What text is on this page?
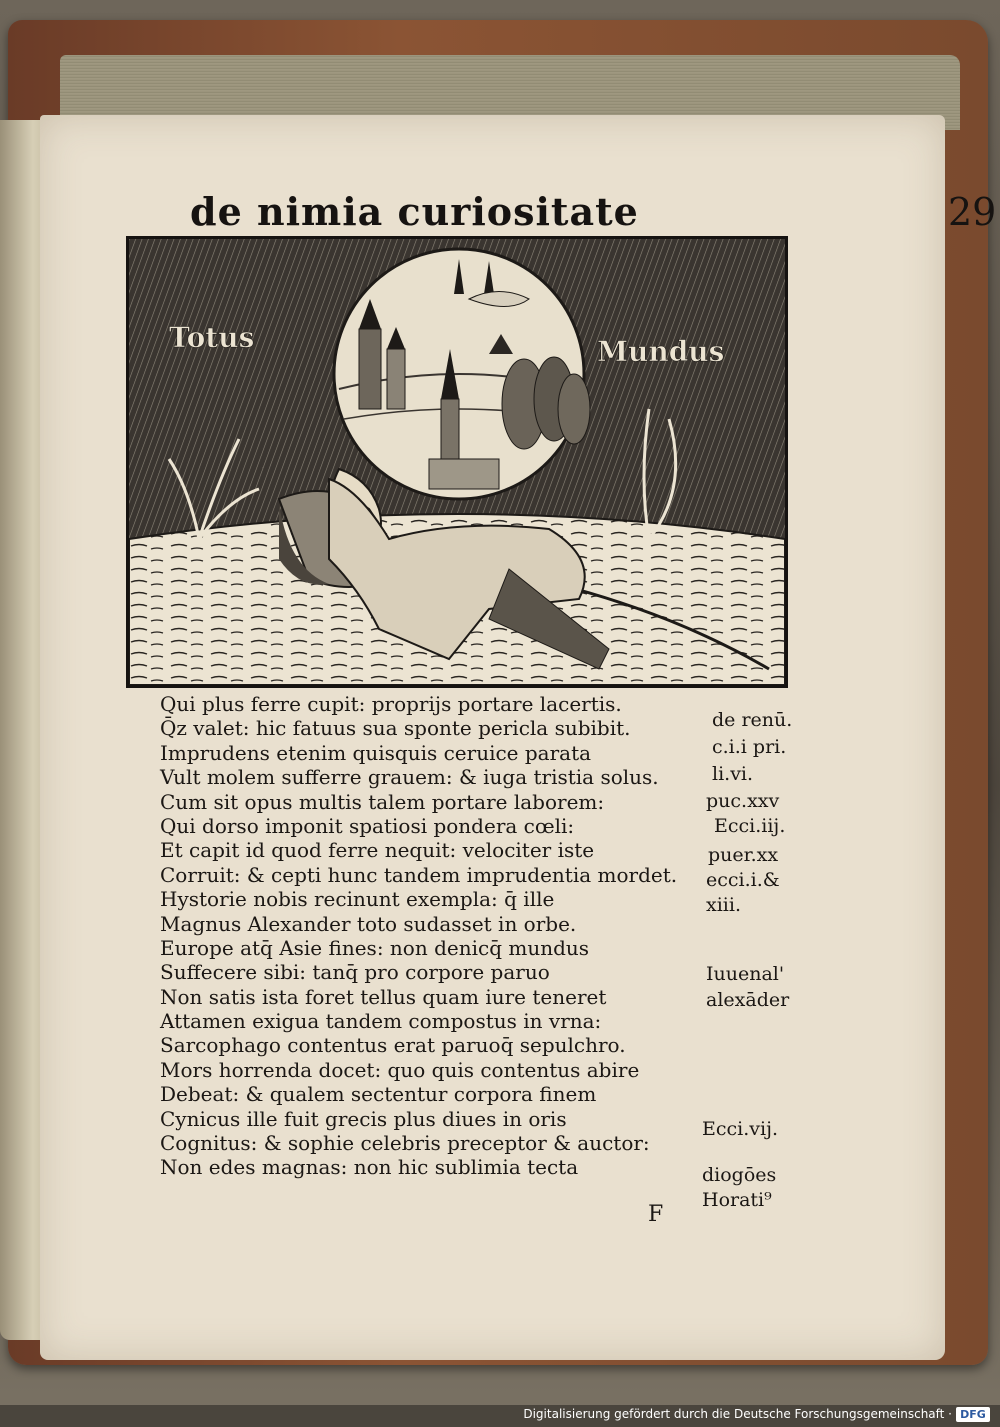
de nimia curiositate	29
Totus	Mundus
Qui plus ferre cupit: proprijs portare lacertis.
Q̄z valet: hic fatuus sua sponte pericla subibit.
Imprudens etenim quisquis ceruice parata
Vult molem sufferre grauem: & iuga tristia solus.
Cum sit opus multis talem portare laborem:
Qui dorso imponit spatiosi pondera cœli:
Et capit id quod ferre nequit: velociter iste
Corruit: & cepti hunc tandem imprudentia mordet.
Hystorie nobis recinunt exempla: q̄ ille
Magnus Alexander toto sudasset in orbe.
Europe atq̄ Asie fines: non denicq̄ mundus
Suffecere sibi: tanq̄ pro corpore paruo
Non satis ista foret tellus quam iure teneret
Attamen exigua tandem compostus in vrna:
Sarcophago contentus erat paruoq̄ sepulchro.
Mors horrenda docet: quo quis contentus abire
Debeat: & qualem sectentur corpora finem
Cynicus ille fuit grecis plus diues in oris
Cognitus: & sophie celebris preceptor & auctor:
Non edes magnas: non hic sublimia tecta
de renū.
c.i.i pri.
li.vi.
puc.xxv
Ecci.iij.
puer.xx
ecci.i.&
xiii.
Iuuenal'
alexāder
Ecci.vij.
diogōes
Horati⁹
F
Digitalisierung gefördert durch die Deutsche Forschungsgemeinschaft · DFG
